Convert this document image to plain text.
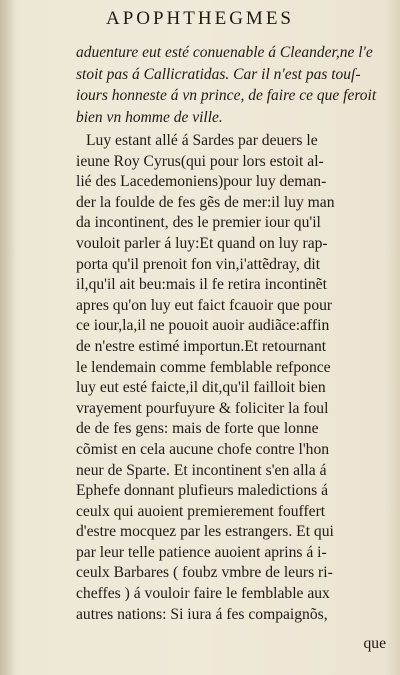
APOPHTHEGMES
aduenture eut esté conuenable á Cleander,ne l'e
stoit pas á Callicratidas. Car il n'est pas touſ-
iours honneste á vn prince, de faire ce que feroit
bien vn homme de ville.
Luy estant allé á Sardes par deuers le
ieune Roy Cyrus(qui pour lors estoit al-
lié des Lacedemoniens)pour luy deman-
der la foulde de fes gẽs de mer:il luy man
da incontinent, des le premier iour qu'il
vouloit parler á luy:Et quand on luy rap-
porta qu'il prenoit fon vin,i'attẽdray, dit
il,qu'il ait beu:mais il fe retira incontinẽt
apres qu'on luy eut faict fcauoir que pour
ce iour,la,il ne pouoit auoir audiãce:affin
de n'estre estimé importun.Et retournant
le lendemain comme femblable refponce
luy eut esté faicte,il dit,qu'il failloit bien
vrayement pourfuyure & foliciter la foul
de de fes gens: mais de forte que lonne
cõmist en cela aucune chofe contre l'hon
neur de Sparte. Et incontinent s'en alla á
Ephefe donnant plufieurs maledictions á
ceulx qui auoient premierement fouffert
d'estre mocquez par les estrangers. Et qui
par leur telle patience auoient aprins á i-
ceulx Barbares ( foubz vmbre de leurs ri-
cheffes ) á vouloir faire le femblable aux
autres nations: Si iura á fes compaignõs,
que
